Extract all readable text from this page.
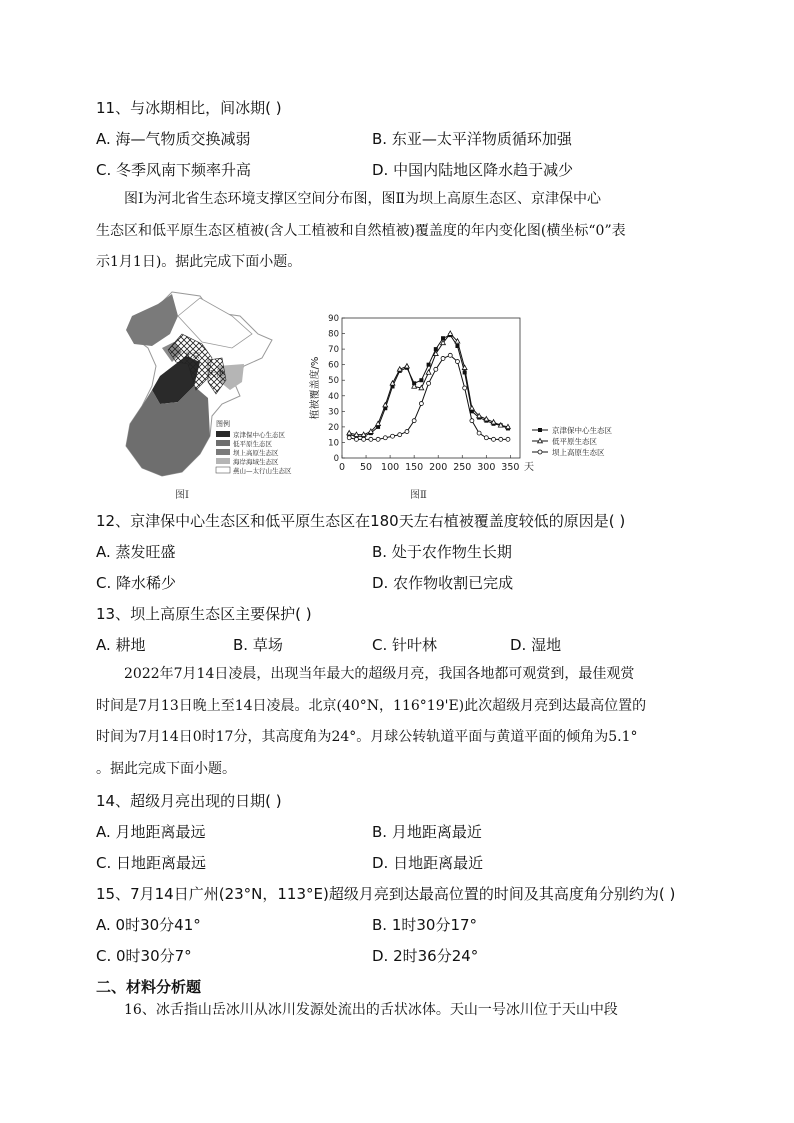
11、与冰期相比，间冰期( )
A. 海—气物质交换减弱	B. 东亚—太平洋物质循环加强
C. 冬季风南下频率升高	D. 中国内陆地区降水趋于减少
图Ⅰ为河北省生态环境支撑区空间分布图，图Ⅱ为坝上高原生态区、京津保中心
生态区和低平原生态区植被(含人工植被和自然植被)覆盖度的年内变化图(横坐标“0”表
示1月1日)。据此完成下面小题。
北京
天津
图例
京津保中心生态区
低平原生态区
坝上高原生态区
海岸海域生态区
燕山—太行山生态区
图Ⅰ
0 50 100 150 200 250 300 350
0
10
20
30
40
50
60
70
80
90
植被覆盖度/%
天
京津保中心生态区
低平原生态区
坝上高原生态区
图Ⅱ
12、京津保中心生态区和低平原生态区在180天左右植被覆盖度较低的原因是( )
A. 蒸发旺盛	B. 处于农作物生长期
C. 降水稀少	D. 农作物收割已完成
13、坝上高原生态区主要保护( )
A. 耕地	B. 草场	C. 针叶林	D. 湿地
2022年7月14日凌晨，出现当年最大的超级月亮，我国各地都可观赏到，最佳观赏
时间是7月13日晚上至14日凌晨。北京(40°N，116°19'E)此次超级月亮到达最高位置的
时间为7月14日0时17分，其高度角为24°。月球公转轨道平面与黄道平面的倾角为5.1°
。据此完成下面小题。
14、超级月亮出现的日期( )
A. 月地距离最远	B. 月地距离最近
C. 日地距离最远	D. 日地距离最近
15、7月14日广州(23°N，113°E)超级月亮到达最高位置的时间及其高度角分别约为( )
A. 0时30分41°	B. 1时30分17°
C. 0时30分7°	D. 2时36分24°
二、材料分析题
16、冰舌指山岳冰川从冰川发源处流出的舌状冰体。天山一号冰川位于天山中段
